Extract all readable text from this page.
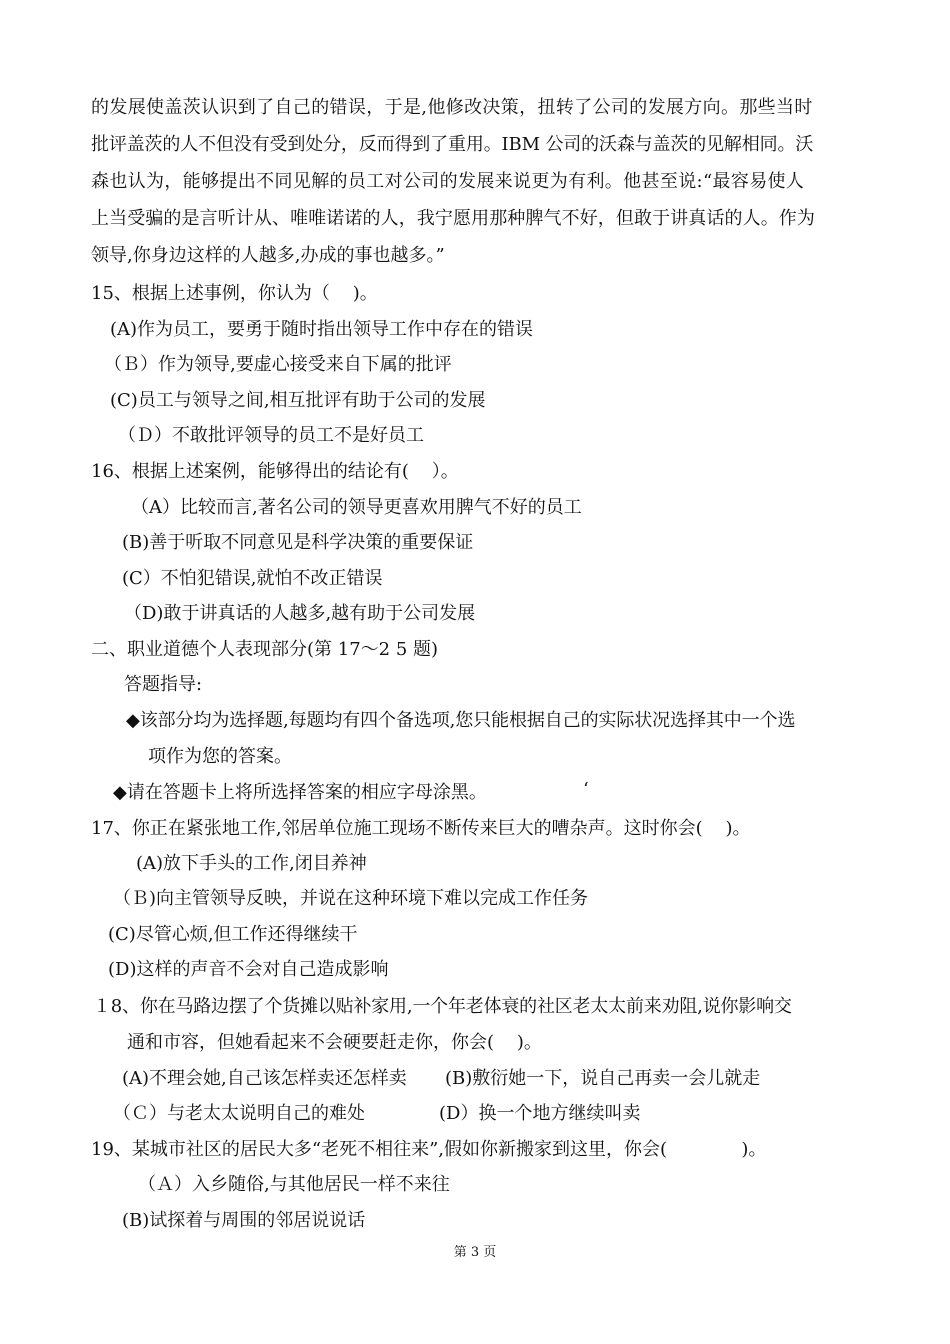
的发展使盖茨认识到了自己的错误，于是,他修改决策，扭转了公司的发展方向。那些当时
批评盖茨的人不但没有受到处分，反而得到了重用。IBM 公司的沃森与盖茨的见解相同。沃
森也认为，能够提出不同见解的员工对公司的发展来说更为有利。他甚至说:“最容易使人
上当受骗的是言听计从、唯唯诺诺的人，我宁愿用那种脾气不好，但敢于讲真话的人。作为
领导,你身边这样的人越多,办成的事也越多。”
15、根据上述事例，你认为（    )。
(A)作为员工，要勇于随时指出领导工作中存在的错误
（Ｂ）作为领导,要虚心接受来自下属的批评
(C)员工与领导之间,相互批评有助于公司的发展
（Ｄ）不敢批评领导的员工不是好员工
16、根据上述案例，能够得出的结论有(    ）。
（A）比较而言,著名公司的领导更喜欢用脾气不好的员工
(B)善于听取不同意见是科学决策的重要保证
(C）不怕犯错误,就怕不改正错误
（D)敢于讲真话的人越多,越有助于公司发展
二、职业道德个人表现部分(第 17～2 5 题)
答题指导:
◆该部分均为选择题,每题均有四个备选项,您只能根据自己的实际状况选择其中一个选
项作为您的答案。
◆请在答题卡上将所选择答案的相应字母涂黑。	‘
17、你正在紧张地工作,邻居单位施工现场不断传来巨大的嘈杂声。这时你会(    )。
(A)放下手头的工作,闭目养神
（Ｂ)向主管领导反映，并说在这种环境下难以完成工作任务
(C)尽管心烦,但工作还得继续干
(D)这样的声音不会对自己造成影响
１8、你在马路边摆了个货摊以贴补家用,一个年老体衰的社区老太太前来劝阻,说你影响交
通和市容，但她看起来不会硬要赶走你，你会(    )。
(A)不理会她,自己该怎样卖还怎样卖 (B)敷衍她一下，说自己再卖一会儿就走
（Ｃ）与老太太说明自己的难处	(D）换一个地方继续叫卖
19、某城市社区的居民大多“老死不相往来”,假如你新搬家到这里，你会(             )。
（Ａ）入乡随俗,与其他居民一样不来往
(B)试探着与周围的邻居说说话
第 3 页
